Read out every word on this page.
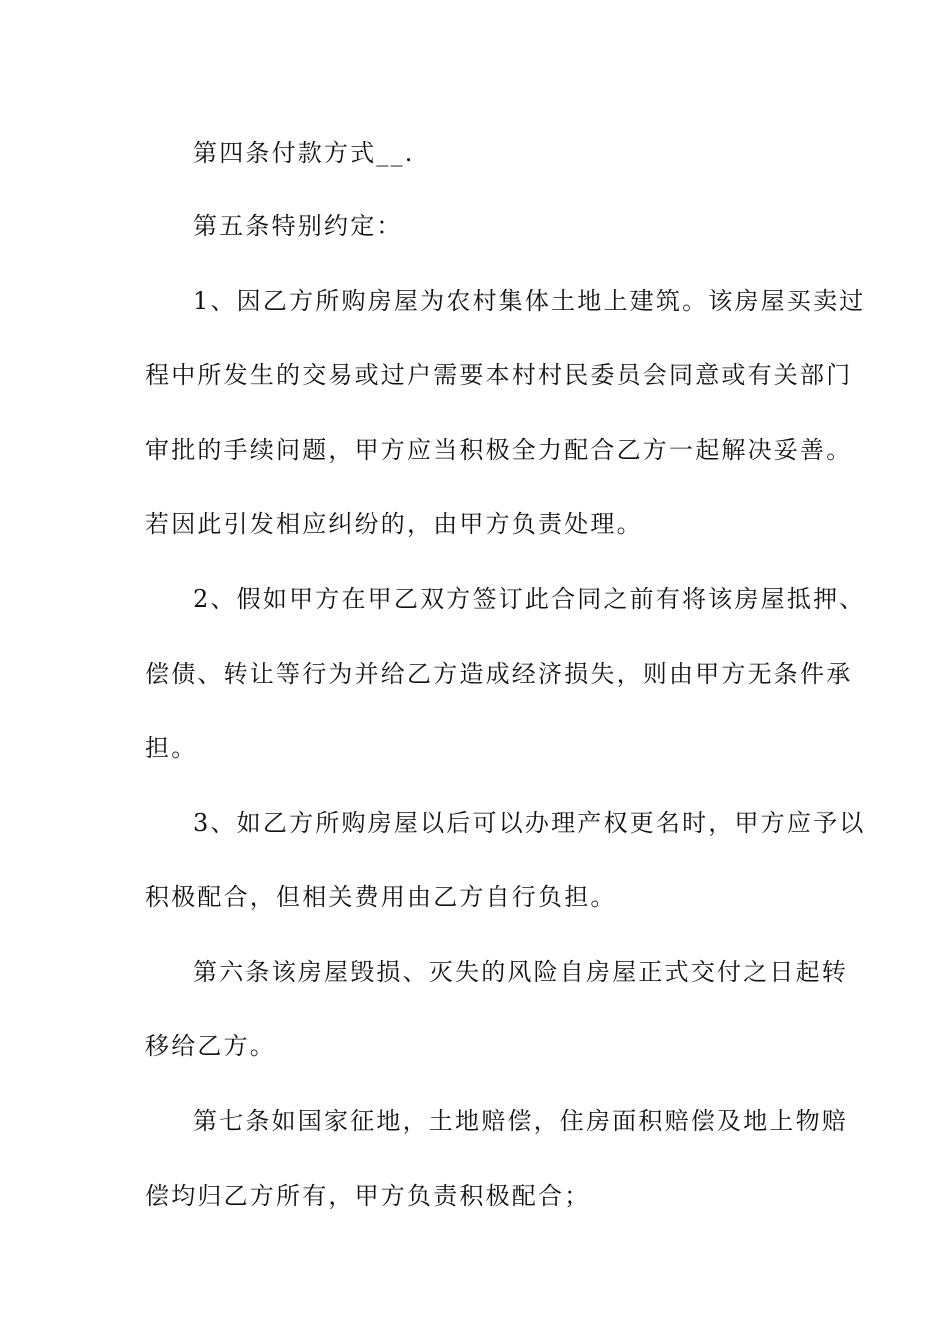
第四条付款方式__.
第五条特别约定：
1、因乙方所购房屋为农村集体土地上建筑。该房屋买卖过
程中所发生的交易或过户需要本村村民委员会同意或有关部门
审批的手续问题，甲方应当积极全力配合乙方一起解决妥善。
若因此引发相应纠纷的，由甲方负责处理。
2、假如甲方在甲乙双方签订此合同之前有将该房屋抵押、
偿债、转让等行为并给乙方造成经济损失，则由甲方无条件承
担。
3、如乙方所购房屋以后可以办理产权更名时，甲方应予以
积极配合，但相关费用由乙方自行负担。
第六条该房屋毁损、灭失的风险自房屋正式交付之日起转
移给乙方。
第七条如国家征地，土地赔偿，住房面积赔偿及地上物赔
偿均归乙方所有，甲方负责积极配合；
